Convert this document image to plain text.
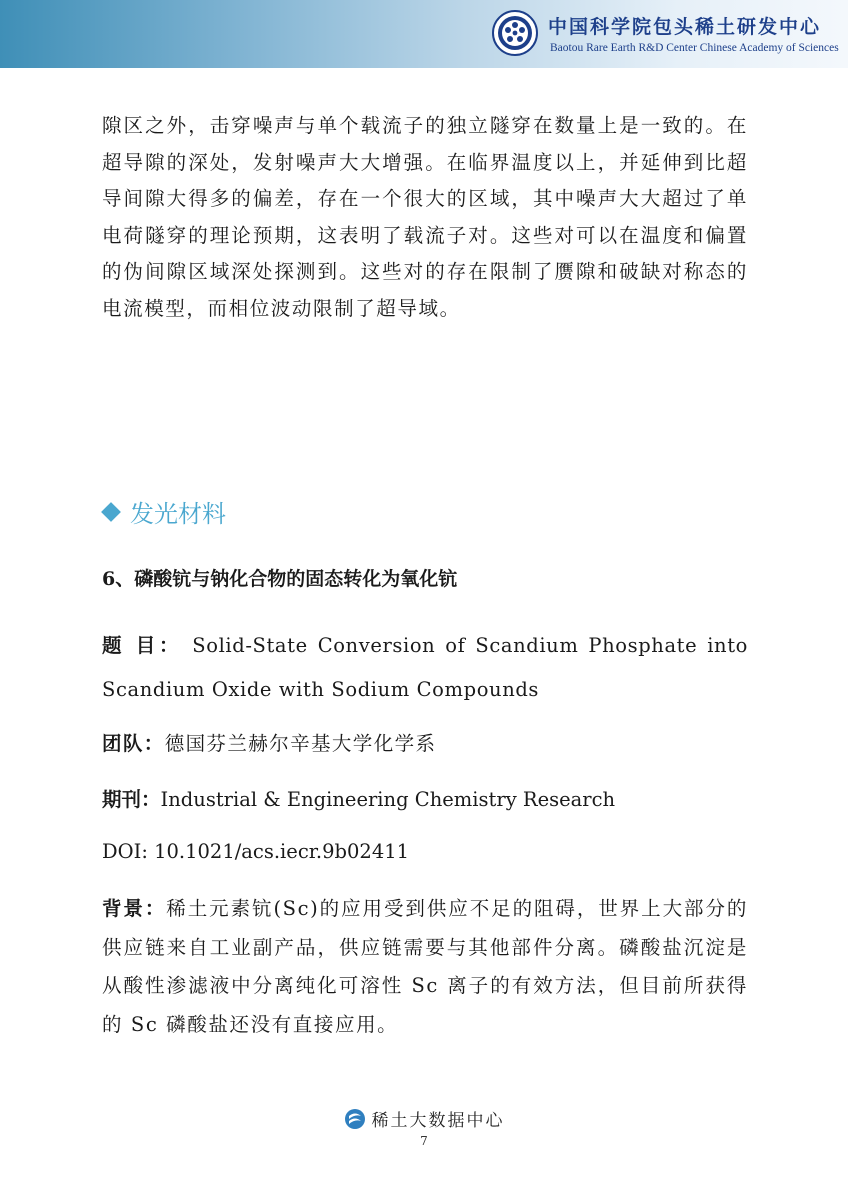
中国科学院包头稀土研发中心
Baotou Rare Earth R&D Center Chinese Academy of Sciences

隙区之外，击穿噪声与单个载流子的独立隧穿在数量上是一致的。在超导隙的深处，发射噪声大大增强。在临界温度以上，并延伸到比超导间隙大得多的偏差，存在一个很大的区域，其中噪声大大超过了单电荷隧穿的理论预期，这表明了载流子对。这些对可以在温度和偏置的伪间隙区域深处探测到。这些对的存在限制了赝隙和破缺对称态的电流模型，而相位波动限制了超导域。

发光材料
6、磷酸钪与钠化合物的固态转化为氧化钪
题 目： Solid-State Conversion of Scandium Phosphate into Scandium Oxide with Sodium Compounds
团队：德国芬兰赫尔辛基大学化学系
期刊：Industrial & Engineering Chemistry Research
DOI: 10.1021/acs.iecr.9b02411
背景：稀土元素钪(Sc)的应用受到供应不足的阻碍，世界上大部分的供应链来自工业副产品，供应链需要与其他部件分离。磷酸盐沉淀是从酸性渗滤液中分离纯化可溶性 Sc 离子的有效方法，但目前所获得的 Sc 磷酸盐还没有直接应用。
稀土大数据中心
7
